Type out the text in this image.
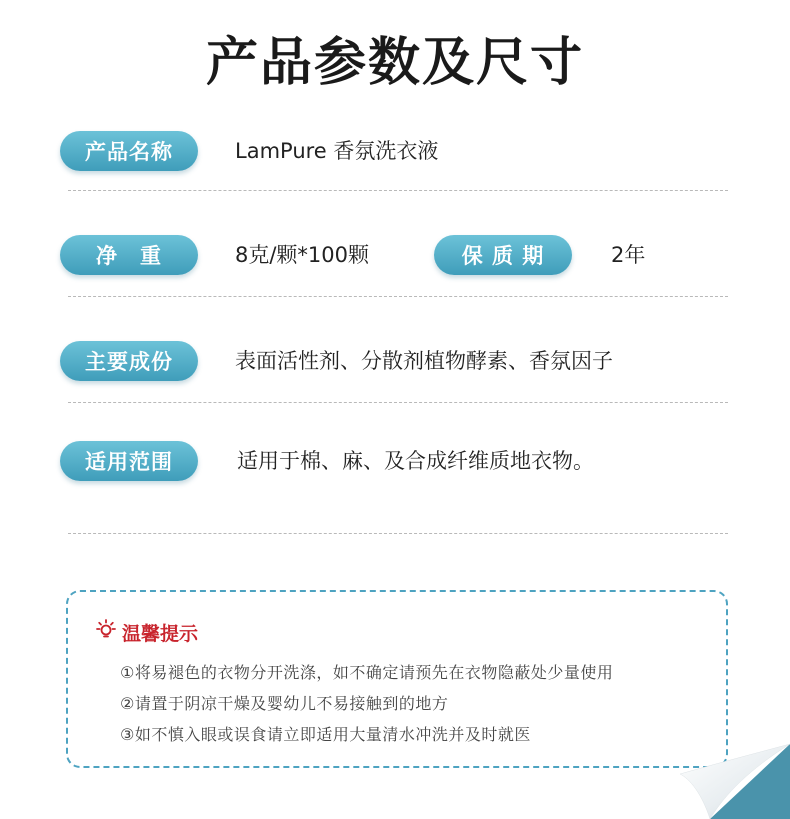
产品参数及尺寸
产品名称	LamPure 香氛洗衣液
净　重	8克/颗*100颗	保 质 期	2年
主要成份	表面活性剂、分散剂植物酵素、香氛因子
适用范围	适用于棉、麻、及合成纤维质地衣物。
温馨提示
①将易褪色的衣物分开洗涤，如不确定请预先在衣物隐蔽处少量使用
②请置于阴凉干燥及婴幼儿不易接触到的地方
③如不慎入眼或误食请立即适用大量清水冲洗并及时就医
